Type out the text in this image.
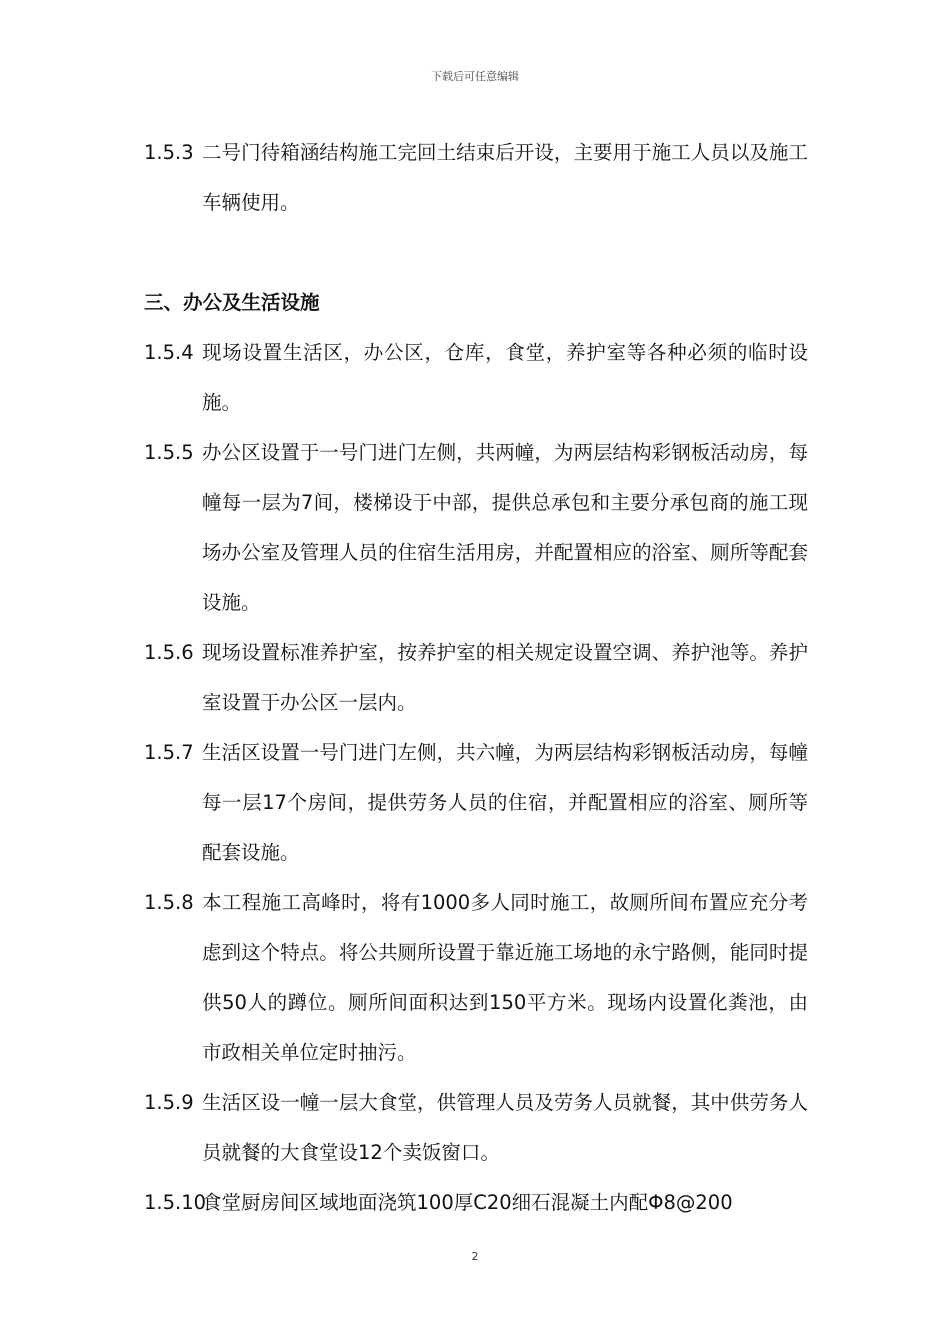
下载后可任意编辑
1.5.3 二号门待箱涵结构施工完回土结束后开设，主要用于施工人员以及施工车辆使用。
三、办公及生活设施
1.5.4 现场设置生活区，办公区，仓库，食堂，养护室等各种必须的临时设施。
1.5.5 办公区设置于一号门进门左侧，共两幢，为两层结构彩钢板活动房，每幢每一层为7间，楼梯设于中部，提供总承包和主要分承包商的施工现场办公室及管理人员的住宿生活用房，并配置相应的浴室、厕所等配套设施。
1.5.6 现场设置标准养护室，按养护室的相关规定设置空调、养护池等。养护室设置于办公区一层内。
1.5.7 生活区设置一号门进门左侧，共六幢，为两层结构彩钢板活动房，每幢每一层17个房间，提供劳务人员的住宿，并配置相应的浴室、厕所等配套设施。
1.5.8 本工程施工高峰时，将有1000多人同时施工，故厕所间布置应充分考虑到这个特点。将公共厕所设置于靠近施工场地的永宁路侧，能同时提供50人的蹲位。厕所间面积达到150平方米。现场内设置化粪池，由市政相关单位定时抽污。
1.5.9 生活区设一幢一层大食堂，供管理人员及劳务人员就餐，其中供劳务人员就餐的大食堂设12个卖饭窗口。
1.5.10
食堂厨房间区域地面浇筑100厚C20细石混凝土内配Φ8@200
2
